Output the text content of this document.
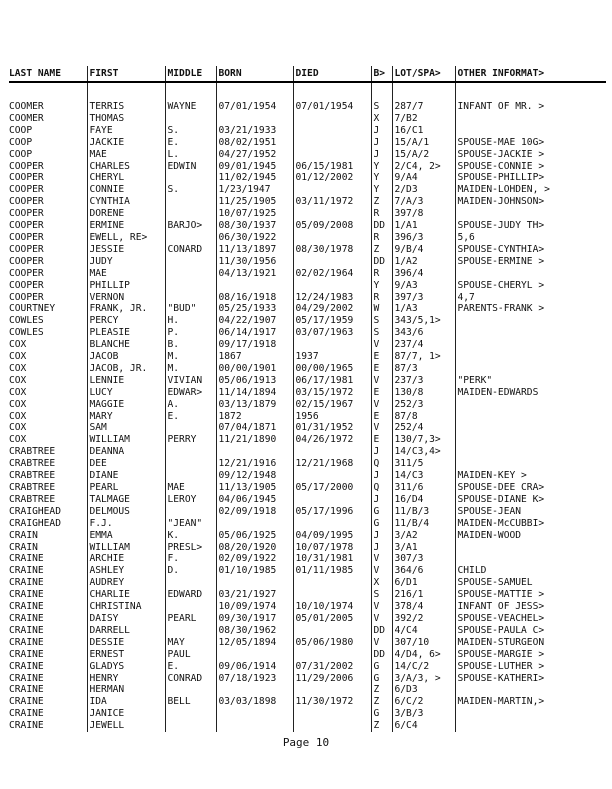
LAST NAME	FIRST	MIDDLE	BORN	DIED	B>	LOT/SPA>	OTHER INFORMAT>

COOMER	TERRIS	WAYNE	07/01/1954	07/01/1954	S	287/7	INFANT OF MR. >
COOMER	THOMAS				X	7/B2	
COOP	FAYE	S.	03/21/1933		J	16/C1	
COOP	JACKIE	E.	08/02/1951		J	15/A/1	SPOUSE-MAE 10G>
COOP	MAE	L.	04/27/1952		J	15/A/2	SPOUSE-JACKIE >
COOPER	CHARLES	EDWIN	09/01/1945	06/15/1981	Y	2/C4, 2>	SPOUSE-CONNIE >
COOPER	CHERYL		11/02/1945	01/12/2002	Y	9/A4	SPOUSE-PHILLIP>
COOPER	CONNIE	S.	1/23/1947		Y	2/D3	MAIDEN-LOHDEN, >
COOPER	CYNTHIA		11/25/1905	03/11/1972	Z	7/A/3	MAIDEN-JOHNSON>
COOPER	DORENE		10/07/1925		R	397/8	
COOPER	ERMINE	BARJO>	08/30/1937	05/09/2008	DD	1/A1	SPOUSE-JUDY TH>
COOPER	EWELL, RE>		06/30/1922		R	396/3	5,6
COOPER	JESSIE	CONARD	11/13/1897	08/30/1978	Z	9/B/4	SPOUSE-CYNTHIA>
COOPER	JUDY		11/30/1956		DD	1/A2	SPOUSE-ERMINE >
COOPER	MAE		04/13/1921	02/02/1964	R	396/4	
COOPER	PHILLIP				Y	9/A3	SPOUSE-CHERYL >
COOPER	VERNON		08/16/1918	12/24/1983	R	397/3	4,7
COURTNEY	FRANK, JR.	"BUD"	05/25/1933	04/29/2002	W	1/A3	PARENTS-FRANK >
COWLES	PERCY	H.	04/22/1907	05/17/1959	S	343/5,1>	
COWLES	PLEASIE	P.	06/14/1917	03/07/1963	S	343/6	
COX	BLANCHE	B.	09/17/1918		V	237/4	
COX	JACOB	M.	1867	1937	E	87/7, 1>	
COX	JACOB, JR.	M.	00/00/1901	00/00/1965	E	87/3	
COX	LENNIE	VIVIAN	05/06/1913	06/17/1981	V	237/3	"PERK"
COX	LUCY	EDWAR>	11/14/1894	03/15/1972	E	130/8	MAIDEN-EDWARDS
COX	MAGGIE	A.	03/13/1879	02/15/1967	V	252/3	
COX	MARY	E.	1872	1956	E	87/8	
COX	SAM		07/04/1871	01/31/1952	V	252/4	
COX	WILLIAM	PERRY	11/21/1890	04/26/1972	E	130/7,3>	
CRABTREE	DEANNA				J	14/C3,4>	
CRABTREE	DEE		12/21/1916	12/21/1968	Q	311/5	
CRABTREE	DIANE		09/12/1948		J	14/C3	MAIDEN-KEY >
CRABTREE	PEARL	MAE	11/13/1905	05/17/2000	Q	311/6	SPOUSE-DEE CRA>
CRABTREE	TALMAGE	LEROY	04/06/1945		J	16/D4	SPOUSE-DIANE K>
CRAIGHEAD	DELMOUS		02/09/1918	05/17/1996	G	11/B/3	SPOUSE-JEAN
CRAIGHEAD	F.J.	"JEAN"			G	11/B/4	MAIDEN-McCUBBI>
CRAIN	EMMA	K.	05/06/1925	04/09/1995	J	3/A2	MAIDEN-WOOD
CRAIN	WILLIAM	PRESL>	08/20/1920	10/07/1978	J	3/A1	
CRAINE	ARCHIE	F.	02/09/1922	10/31/1981	V	307/3	
CRAINE	ASHLEY	D.	01/10/1985	01/11/1985	V	364/6	CHILD
CRAINE	AUDREY				X	6/D1	SPOUSE-SAMUEL
CRAINE	CHARLIE	EDWARD	03/21/1927		S	216/1	SPOUSE-MATTIE >
CRAINE	CHRISTINA		10/09/1974	10/10/1974	V	378/4	INFANT OF JESS>
CRAINE	DAISY	PEARL	09/30/1917	05/01/2005	V	392/2	SPOUSE-VEACHEL>
CRAINE	DARRELL		08/30/1962		DD	4/C4	SPOUSE-PAULA C>
CRAINE	DESSIE	MAY	12/05/1894	05/06/1980	V	307/10	MAIDEN-STURGEON
CRAINE	ERNEST	PAUL			DD	4/D4, 6>	SPOUSE-MARGIE >
CRAINE	GLADYS	E.	09/06/1914	07/31/2002	G	14/C/2	SPOUSE-LUTHER >
CRAINE	HENRY	CONRAD	07/18/1923	11/29/2006	G	3/A/3, >	SPOUSE-KATHERI>
CRAINE	HERMAN				Z	6/D3	
CRAINE	IDA	BELL	03/03/1898	11/30/1972	Z	6/C/2	MAIDEN-MARTIN,>
CRAINE	JANICE				G	3/B/3	
CRAINE	JEWELL				Z	6/C4	
Page 10
